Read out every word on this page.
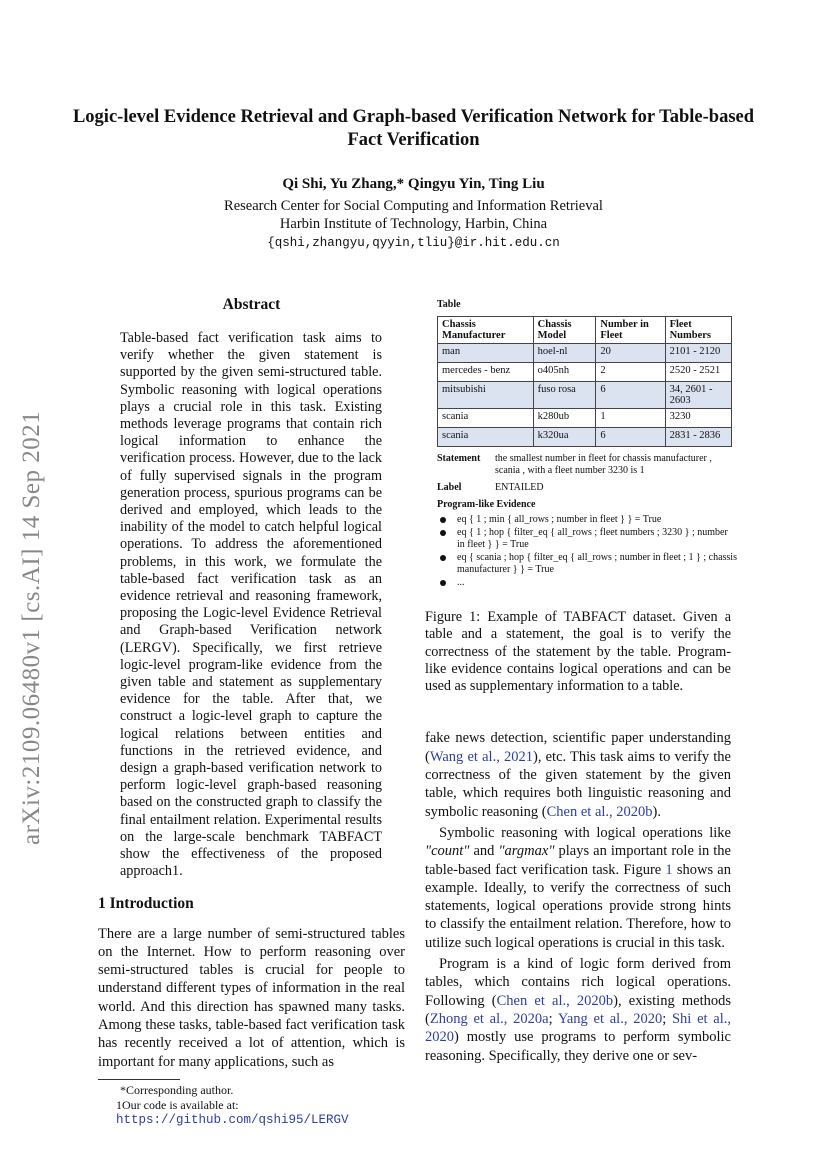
arXiv:2109.06480v1 [cs.AI] 14 Sep 2021
Logic-level Evidence Retrieval and Graph-based Verification Network for Table-based Fact Verification
Qi Shi, Yu Zhang,* Qingyu Yin, Ting Liu
Research Center for Social Computing and Information Retrieval
Harbin Institute of Technology, Harbin, China
{qshi,zhangyu,qyyin,tliu}@ir.hit.edu.cn
Abstract

Table-based fact verification task aims to verify whether the given statement is supported by the given semi-structured table. Symbolic reasoning with logical operations plays a crucial role in this task. Existing methods leverage programs that contain rich logical information to enhance the verification process. However, due to the lack of fully supervised signals in the program generation process, spurious programs can be derived and employed, which leads to the inability of the model to catch helpful logical operations. To address the aforementioned problems, in this work, we formulate the table-based fact verification task as an evidence retrieval and reasoning framework, proposing the Logic-level Evidence Retrieval and Graph-based Verification network (LERGV). Specifically, we first retrieve logic-level program-like evidence from the given table and statement as supplementary evidence for the table. After that, we construct a logic-level graph to capture the logical relations between entities and functions in the retrieved evidence, and design a graph-based verification network to perform logic-level graph-based reasoning based on the constructed graph to classify the final entailment relation. Experimental results on the large-scale benchmark TABFACT show the effectiveness of the proposed approach1.

1 Introduction

There are a large number of semi-structured tables on the Internet. How to perform reasoning over semi-structured tables is crucial for people to understand different types of information in the real world. And this direction has spawned many tasks. Among these tasks, table-based fact verification task has recently received a lot of attention, which is important for many applications, such as

*Corresponding author.
1Our code is available at: https://github.com/qshi95/LERGV
Table
Chassis Manufacturer	Chassis Model	Number in Fleet	Fleet Numbers
man	hoel-nl	20	2101 - 2120
mercedes - benz	o405nh	2	2520 - 2521
mitsubishi	fuso rosa	6	34, 2601 - 2603
scania	k280ub	1	3230
scania	k320ua	6	2831 - 2836
Statement	the smallest number in fleet for chassis manufacturer , scania , with a fleet number 3230 is 1
Label	ENTAILED
Program-like Evidence
eq { 1 ; min { all_rows ; number in fleet } } = True
eq { 1 ; hop { filter_eq { all_rows ; fleet numbers ; 3230 } ; number in fleet } } = True
eq { scania ; hop { filter_eq { all_rows ; number in fleet ; 1 } ; chassis manufacturer } } = True
...

Figure 1: Example of TABFACT dataset. Given a table and a statement, the goal is to verify the correctness of the statement by the table. Program-like evidence contains logical operations and can be used as supplementary information to a table.

fake news detection, scientific paper understanding (Wang et al., 2021), etc. This task aims to verify the correctness of the given statement by the given table, which requires both linguistic reasoning and symbolic reasoning (Chen et al., 2020b).

Symbolic reasoning with logical operations like "count" and "argmax" plays an important role in the table-based fact verification task. Figure 1 shows an example. Ideally, to verify the correctness of such statements, logical operations provide strong hints to classify the entailment relation. Therefore, how to utilize such logical operations is crucial in this task.

Program is a kind of logic form derived from tables, which contains rich logical operations. Following (Chen et al., 2020b), existing methods (Zhong et al., 2020a; Yang et al., 2020; Shi et al., 2020) mostly use programs to perform symbolic reasoning. Specifically, they derive one or sev-
